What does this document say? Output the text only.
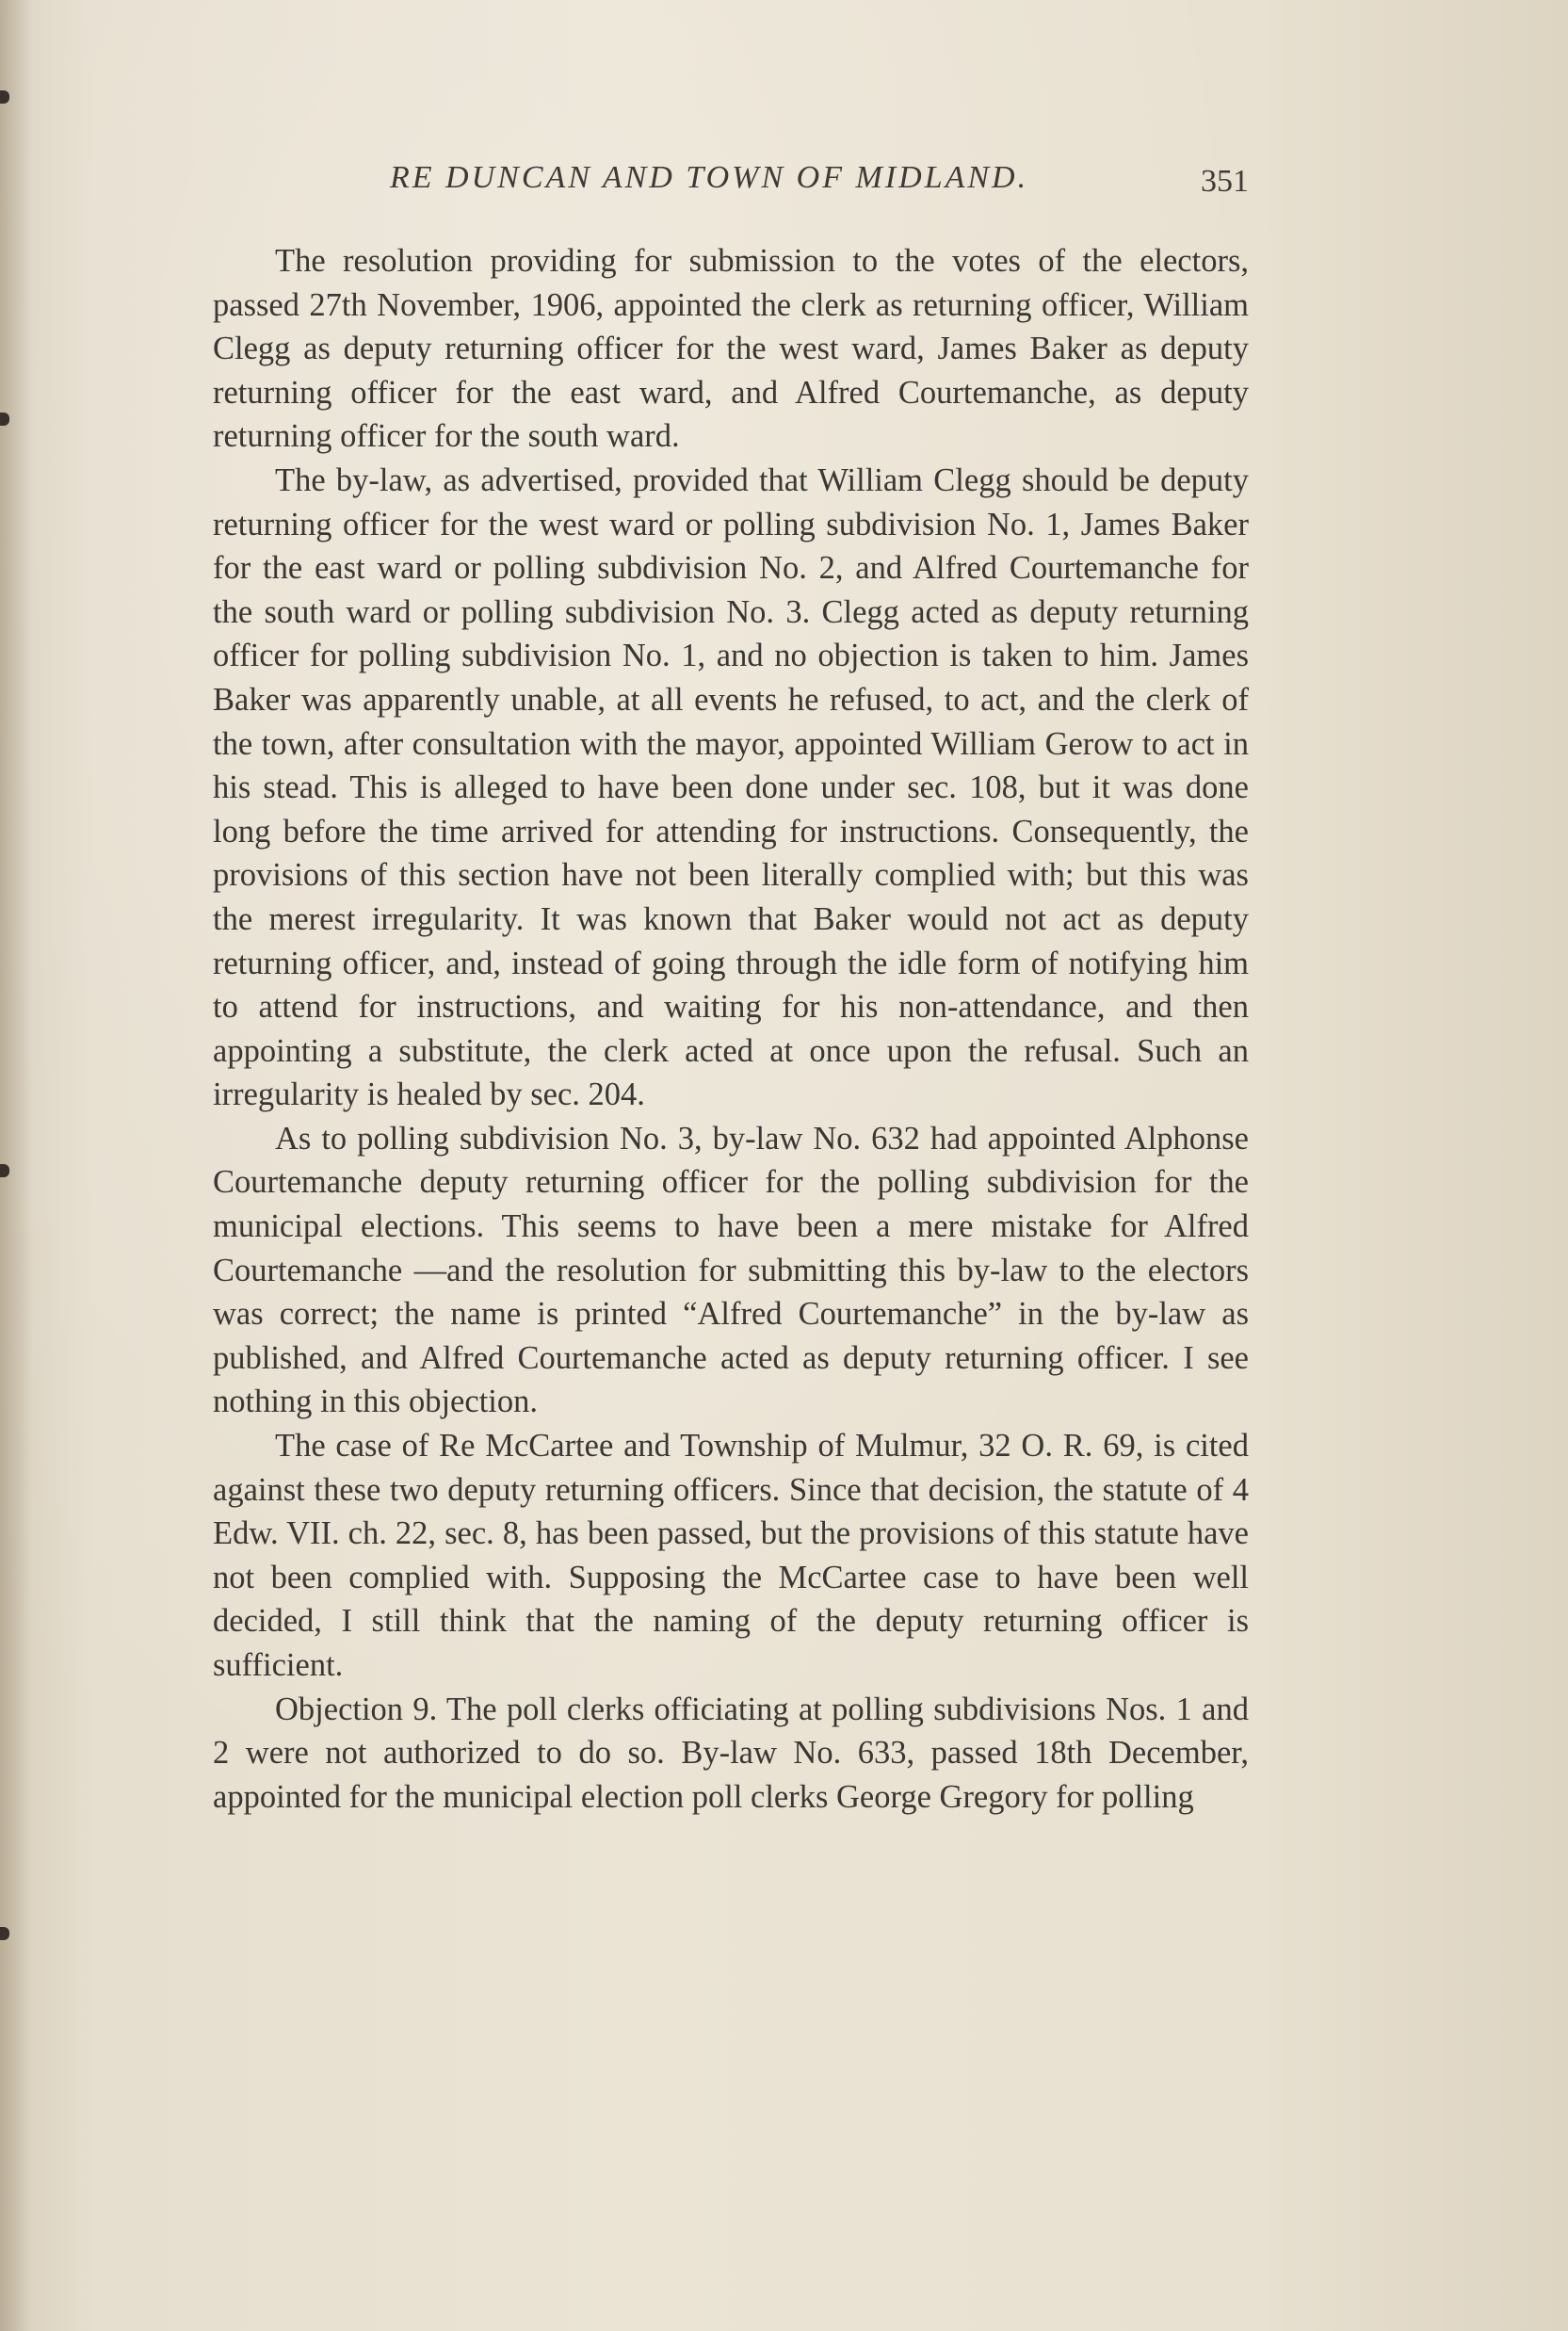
RE DUNCAN AND TOWN OF MIDLAND.	351

The resolution providing for submission to the votes of the electors, passed 27th November, 1906, appointed the clerk as returning officer, William Clegg as deputy returning officer for the west ward, James Baker as deputy returning officer for the east ward, and Alfred Courtemanche, as deputy returning officer for the south ward.

The by-law, as advertised, provided that William Clegg should be deputy returning officer for the west ward or polling subdivision No. 1, James Baker for the east ward or polling subdivision No. 2, and Alfred Courtemanche for the south ward or polling subdivision No. 3. Clegg acted as deputy returning officer for polling subdivision No. 1, and no objection is taken to him. James Baker was apparently unable, at all events he refused, to act, and the clerk of the town, after consultation with the mayor, appointed William Gerow to act in his stead. This is alleged to have been done under sec. 108, but it was done long before the time arrived for attending for instructions. Consequently, the provisions of this section have not been literally complied with; but this was the merest irregularity. It was known that Baker would not act as deputy returning officer, and, instead of going through the idle form of notifying him to attend for instructions, and waiting for his non-attendance, and then appointing a substitute, the clerk acted at once upon the refusal. Such an irregularity is healed by sec. 204.

As to polling subdivision No. 3, by-law No. 632 had appointed Alphonse Courtemanche deputy returning officer for the polling subdivision for the municipal elections. This seems to have been a mere mistake for Alfred Courtemanche —and the resolution for submitting this by-law to the electors was correct; the name is printed “Alfred Courtemanche” in the by-law as published, and Alfred Courtemanche acted as deputy returning officer. I see nothing in this objection.

The case of Re McCartee and Township of Mulmur, 32 O. R. 69, is cited against these two deputy returning officers. Since that decision, the statute of 4 Edw. VII. ch. 22, sec. 8, has been passed, but the provisions of this statute have not been complied with. Supposing the McCartee case to have been well decided, I still think that the naming of the deputy returning officer is sufficient.

Objection 9. The poll clerks officiating at polling subdivisions Nos. 1 and 2 were not authorized to do so. By-law No. 633, passed 18th December, appointed for the municipal election poll clerks George Gregory for polling
